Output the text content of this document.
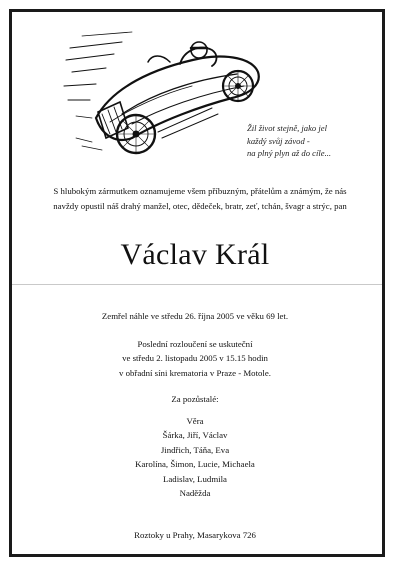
Žil život stejně, jako jel
každý svůj závod -
na plný plyn až do cíle...
S hlubokým zármutkem oznamujeme všem příbuzným, přátelům a známým, že nás
navždy opustil náš drahý manžel, otec, dědeček, bratr, zeť, tchán, švagr a strýc, pan
Václav Král
Zemřel náhle ve středu 26. října 2005 ve věku 69 let.
Poslední rozloučení se uskuteční
ve středu 2. listopadu 2005 v 15.15 hodin
v obřadní síni krematoria v Praze - Motole.
Za pozůstalé:
Věra
Šárka, Jiří, Václav
Jindřich, Táňa, Eva
Karolína, Šimon, Lucie, Michaela
Ladislav, Ludmila
Naděžda
Roztoky u Prahy, Masarykova 726
